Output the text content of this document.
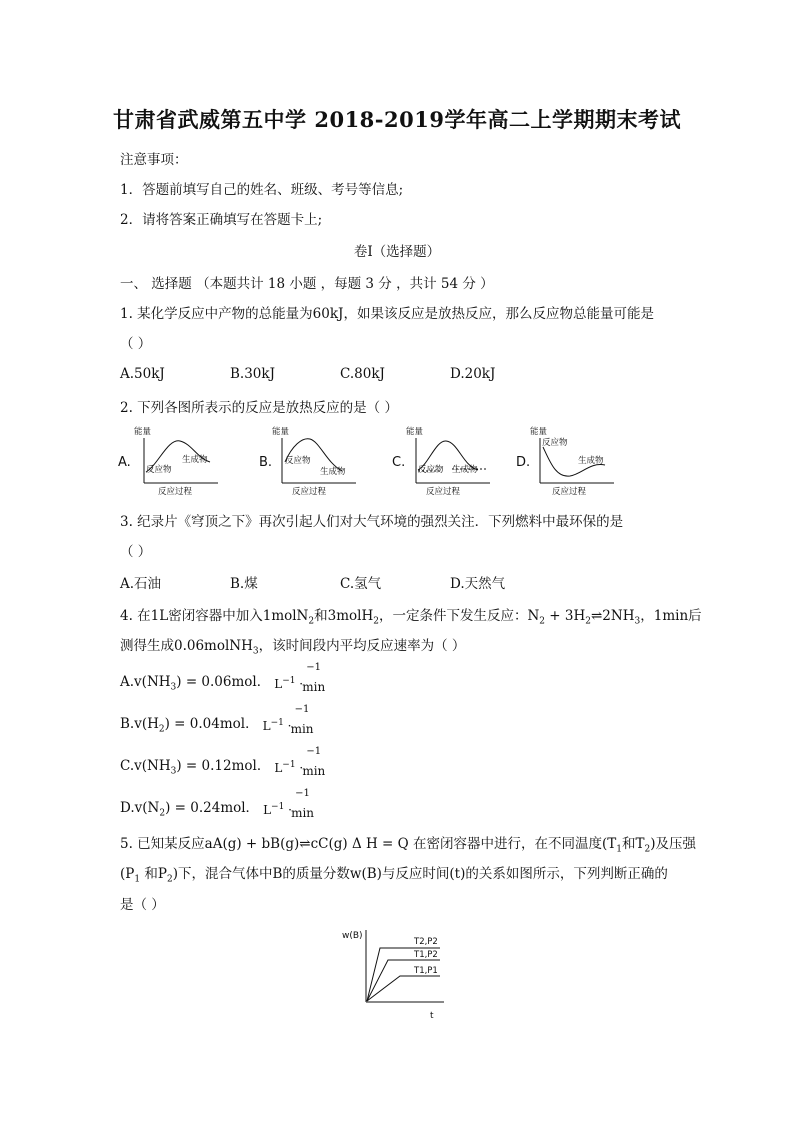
甘肃省武威第五中学 2018-2019学年高二上学期期末考试
注意事项：
1．答题前填写自己的姓名、班级、考号等信息;
2．请将答案正确填写在答题卡上;
卷I（选择题）
一、 选择题 （本题共计 18 小题 ，每题 3 分 ，共计 54 分 ）
1. 某化学反应中产物的总能量为60kJ，如果该反应是放热反应，那么反应物总能量可能是
（ ）
A.50kJ	B.30kJ	C.80kJ	D.20kJ
2. 下列各图所表示的反应是放热反应的是（ ）
A.
能量
反应物
生成物
反应过程
B.
能量
反应物
生成物
反应过程
C.
能量
反应物 生成物
反应过程
D.
能量
反应物
生成物
反应过程
3. 纪录片《穹顶之下》再次引起人们对大气环境的强烈关注．下列燃料中最环保的是
（ ）
A.石油	B.煤	C.氢气	D.天然气
4. 在1L密闭容器中加入1molN$_2$和3molH$_2$，一定条件下发生反应：$N_2$ + $3H_2\rightleftharpoons 2NH_3$，1min后
测得生成0.06molNH$_3$，该时间段内平均反应速率为（ ）
$A.v(NH_3) = 0.06mol$． $L^{-1}$ ·
−1
min
$B.v(H_2) = 0.04mol$． $L^{-1}$ ·
−1
min
$C.v(NH_3) = 0.12mol$． $L^{-1}$ ·
−1
min
$D.v(N_2) = 0.24mol$． $L^{-1}$ ·
−1
min
5. 已知某反应aA(g) + bB(g)⇌cC(g) Δ H = Q 在密闭容器中进行，在不同温度($T_1$和$T_2$)及压强
($P_1$ 和$P_2$)下，混合气体中B的质量分数w(B)与反应时间(t)的关系如图所示，下列判断正确的
是（ ）
w(B)
T2,P2
T1,P2
T1,P1
t
